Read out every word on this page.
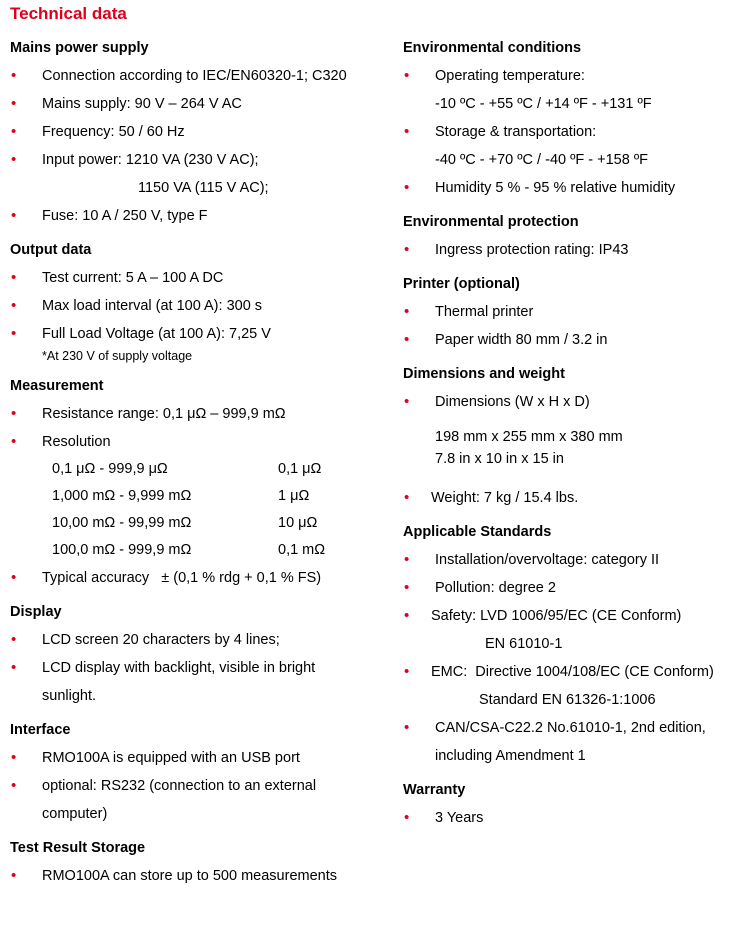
Technical data
Mains power supply
• Connection according to IEC/EN60320-1; C320
• Mains supply: 90 V – 264 V AC
• Frequency: 50 / 60 Hz
• Input power: 1210 VA (230 V AC);
1150 VA (115 V AC);
• Fuse: 10 A / 250 V, type F
Output data
• Test current: 5 A – 100 A DC
• Max load interval (at 100 A): 300 s
• Full Load Voltage (at 100 A): 7,25 V
*At 230 V of supply voltage
Measurement
• Resistance range: 0,1 μΩ – 999,9 mΩ
• Resolution
0,1 μΩ - 999,9 μΩ	0,1 μΩ
1,000 mΩ - 9,999 mΩ	1 μΩ
10,00 mΩ - 99,99 mΩ	10 μΩ
100,0 mΩ - 999,9 mΩ	0,1 mΩ
• Typical accuracy   ± (0,1 % rdg + 0,1 % FS)
Display
• LCD screen 20 characters by 4 lines;
• LCD display with backlight, visible in bright
sunlight.
Interface
• RMO100A is equipped with an USB port
• optional: RS232 (connection to an external
computer)
Test Result Storage
• RMO100A can store up to 500 measurements
Environmental conditions
• Operating temperature:
-10 ºC - +55 ºC / +14 ºF - +131 ºF
• Storage & transportation:
-40 ºC - +70 ºC / -40 ºF - +158 ºF
• Humidity 5 % - 95 % relative humidity
Environmental protection
• Ingress protection rating: IP43
Printer (optional)
• Thermal printer
• Paper width 80 mm / 3.2 in
Dimensions and weight
• Dimensions (W x H x D)
198 mm x 255 mm x 380 mm
7.8 in x 10 in x 15 in
• Weight: 7 kg / 15.4 lbs.
Applicable Standards
• Installation/overvoltage: category II
• Pollution: degree 2
• Safety: LVD 1006/95/EC (CE Conform)
EN 61010-1
• EMC:  Directive 1004/108/EC (CE Conform)
Standard EN 61326-1:1006
• CAN/CSA-C22.2 No.61010-1, 2nd edition,
including Amendment 1
Warranty
• 3 Years
